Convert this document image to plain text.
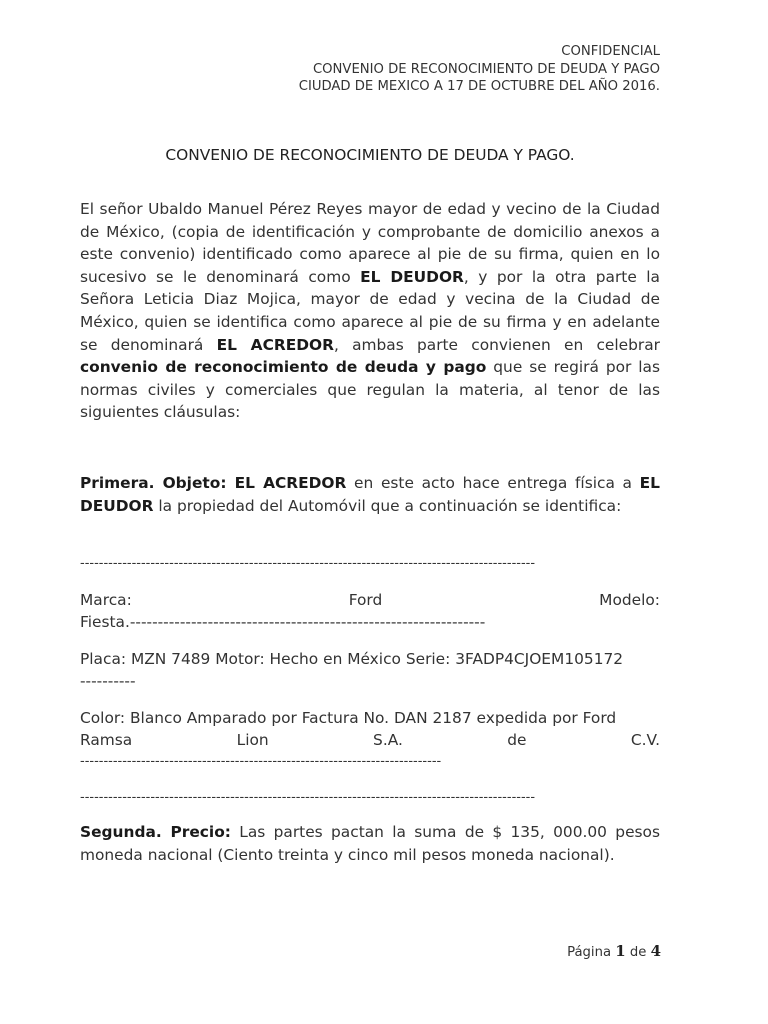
CONFIDENCIAL
CONVENIO DE RECONOCIMIENTO DE DEUDA Y PAGO
CIUDAD DE MEXICO A 17 DE OCTUBRE DEL AÑO 2016.
CONVENIO DE RECONOCIMIENTO DE DEUDA Y PAGO.
El señor Ubaldo Manuel Pérez Reyes mayor de edad y vecino de la Ciudad de México, (copia de identificación y comprobante de domicilio anexos a este convenio) identificado como aparece al pie de su firma, quien en lo sucesivo se le denominará como EL DEUDOR, y por la otra parte la Señora Leticia Diaz Mojica, mayor de edad y vecina de la Ciudad de México, quien se identifica como aparece al pie de su firma y en adelante se denominará EL ACREDOR, ambas parte convienen en celebrar convenio de reconocimiento de deuda y pago que se regirá por las normas civiles y comerciales que regulan la materia, al tenor de las siguientes cláusulas:
Primera. Objeto: EL ACREDOR en este acto hace entrega física a EL DEUDOR la propiedad del Automóvil que a continuación se identifica:
-------------------------------------------------------------------------------------------------
Marca:	Ford	Modelo:
Fiesta.----------------------------------------------------------------
Placa: MZN 7489 Motor: Hecho en México Serie: 3FADP4CJOEM105172
----------
Color: Blanco Amparado por Factura No. DAN 2187 expedida por Ford
Ramsa	Lion	S.A.	de	C.V.
-----------------------------------------------------------------------------
-------------------------------------------------------------------------------------------------
Segunda. Precio: Las partes pactan la suma de $ 135, 000.00 pesos moneda nacional (Ciento treinta y cinco mil pesos moneda nacional).
Página 1 de 4
